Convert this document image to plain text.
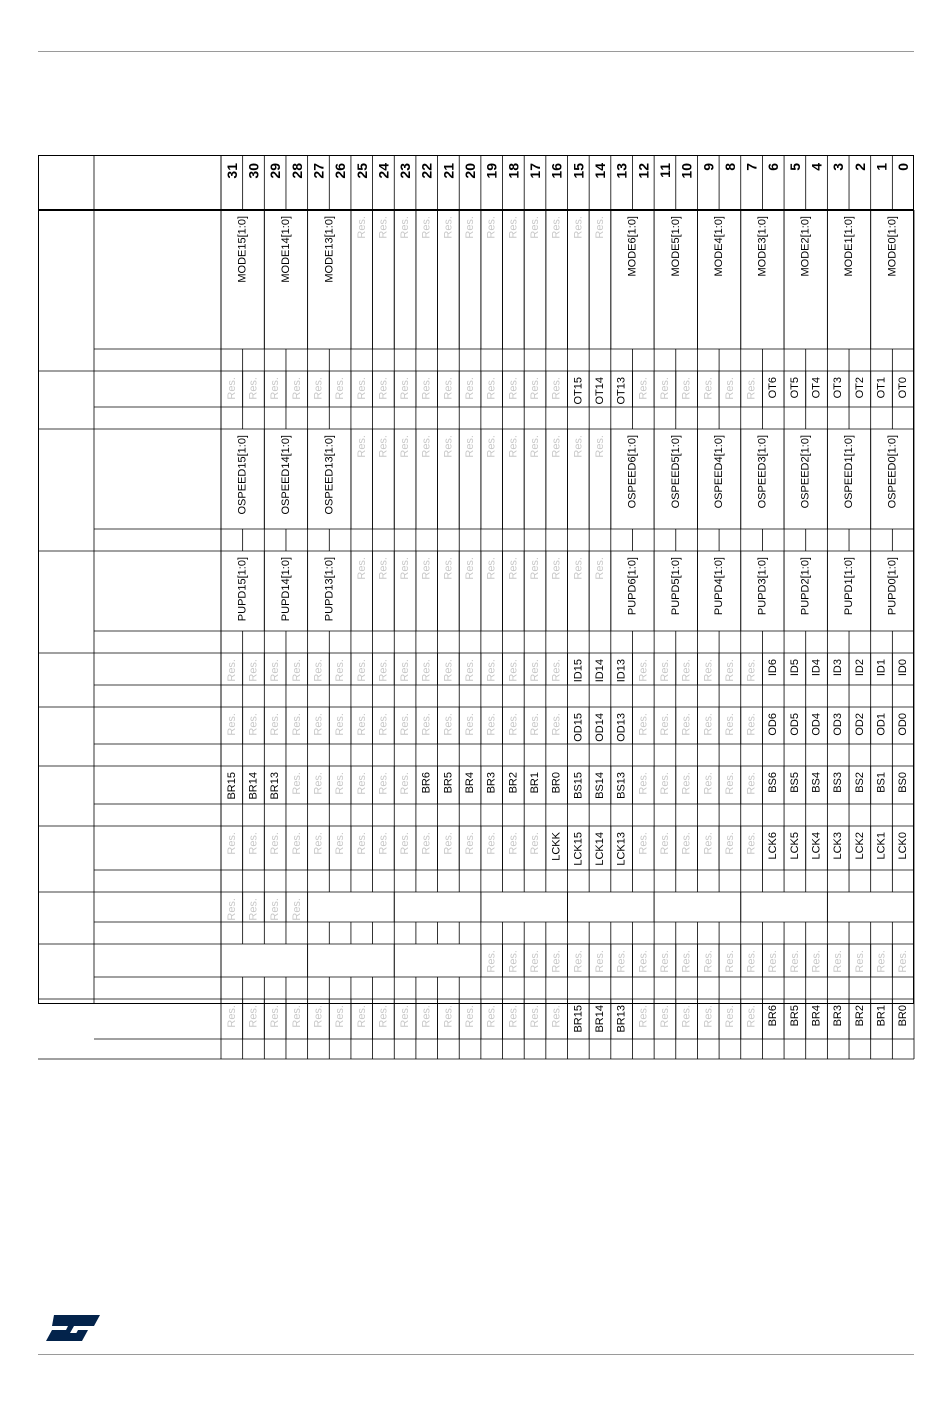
31 30 29 28 27 26 25 24 23 22 21 20 19 18 17 16 15 14 13 12 11 10 9 8 7 6 5 4 3 2 1 0
MODE15[1:0]	MODE14[1:0]	MODE13[1:0] Res. Res. Res. Res. Res. Res. Res. Res. Res. Res. Res. Res. MODE6[1:0]	MODE5[1:0]	MODE4[1:0]	MODE3[1:0]	MODE2[1:0]	MODE1[1:0]	MODE0[1:0]
Res. Res. Res. Res. Res. Res. Res. Res. Res. Res. Res. Res. Res. Res. Res. Res. OT15 OT14 OT13 Res. Res. Res. Res. Res. Res. OT6 OT5 OT4 OT3 OT2 OT1 OT0
OSPEED15[1:0]	OSPEED14[1:0]	OSPEED13[1:0] Res. Res. Res. Res. Res. Res. Res. Res. Res. Res. Res. Res. OSPEED6[1:0]	OSPEED5[1:0]	OSPEED4[1:0]	OSPEED3[1:0]	OSPEED2[1:0]	OSPEED1[1:0]	OSPEED0[1:0]
PUPD15[1:0]	PUPD14[1:0]	PUPD13[1:0] Res. Res. Res. Res. Res. Res. Res. Res. Res. Res. Res. Res. PUPD6[1:0]	PUPD5[1:0]	PUPD4[1:0]	PUPD3[1:0]	PUPD2[1:0]	PUPD1[1:0]	PUPD0[1:0]
Res. Res. Res. Res. Res. Res. Res. Res. Res. Res. Res. Res. Res. Res. Res. Res. ID15 ID14 ID13 Res. Res. Res. Res. Res. Res. ID6 ID5 ID4 ID3 ID2 ID1 ID0
Res. Res. Res. Res. Res. Res. Res. Res. Res. Res. Res. Res. Res. Res. Res. Res. OD15 OD14 OD13 Res. Res. Res. Res. Res. Res. OD6 OD5 OD4 OD3 OD2 OD1 OD0
BR15 BR14 BR13 Res. Res. Res. Res. Res. Res. BR6 BR5 BR4 BR3 BR2 BR1 BR0 BS15 BS14 BS13 Res. Res. Res. Res. Res. Res. BS6 BS5 BS4 BS3 BS2 BS1 BS0
Res. Res. Res. Res. Res. Res. Res. Res. Res. Res. Res. Res. Res. Res. Res. LCKK LCK15 LCK14 LCK13 Res. Res. Res. Res. Res. Res. LCK6 LCK5 LCK4 LCK3 LCK2 LCK1 LCK0
Res. Res. Res. Res.
Res. Res. Res. Res. Res. Res. Res. Res. Res. Res. Res. Res. Res. Res. Res. Res. Res. Res. Res. Res.
Res. Res. Res. Res. Res. Res. Res. Res. Res. Res. Res. Res. Res. Res. Res. Res. BR15 BR14 BR13 Res. Res. Res. Res. Res. Res. BR6 BR5 BR4 BR3 BR2 BR1 BR0
